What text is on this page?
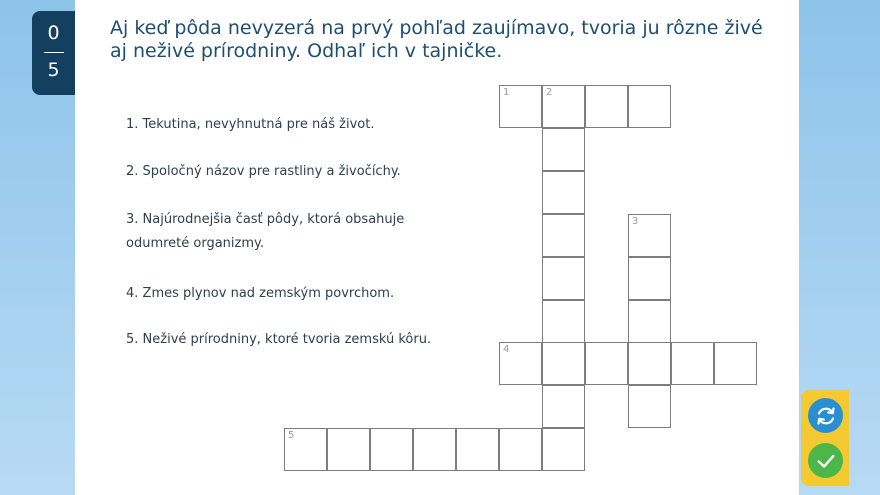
0
5

Aj keď pôda nevyzerá na prvý pohľad zaujímavo, tvoria ju rôzne živé aj neživé prírodniny. Odhaľ ich v tajničke.

1. Tekutina, nevyhnutná pre náš život.
2. Spoločný názov pre rastliny a živočíchy.
3. Najúrodnejšia časť pôdy, ktorá obsahuje
odumreté organizmy.
4. Zmes plynov nad zemským povrchom.
5. Neživé prírodniny, ktoré tvoria zemskú kôru.
1	2
3
4
5
